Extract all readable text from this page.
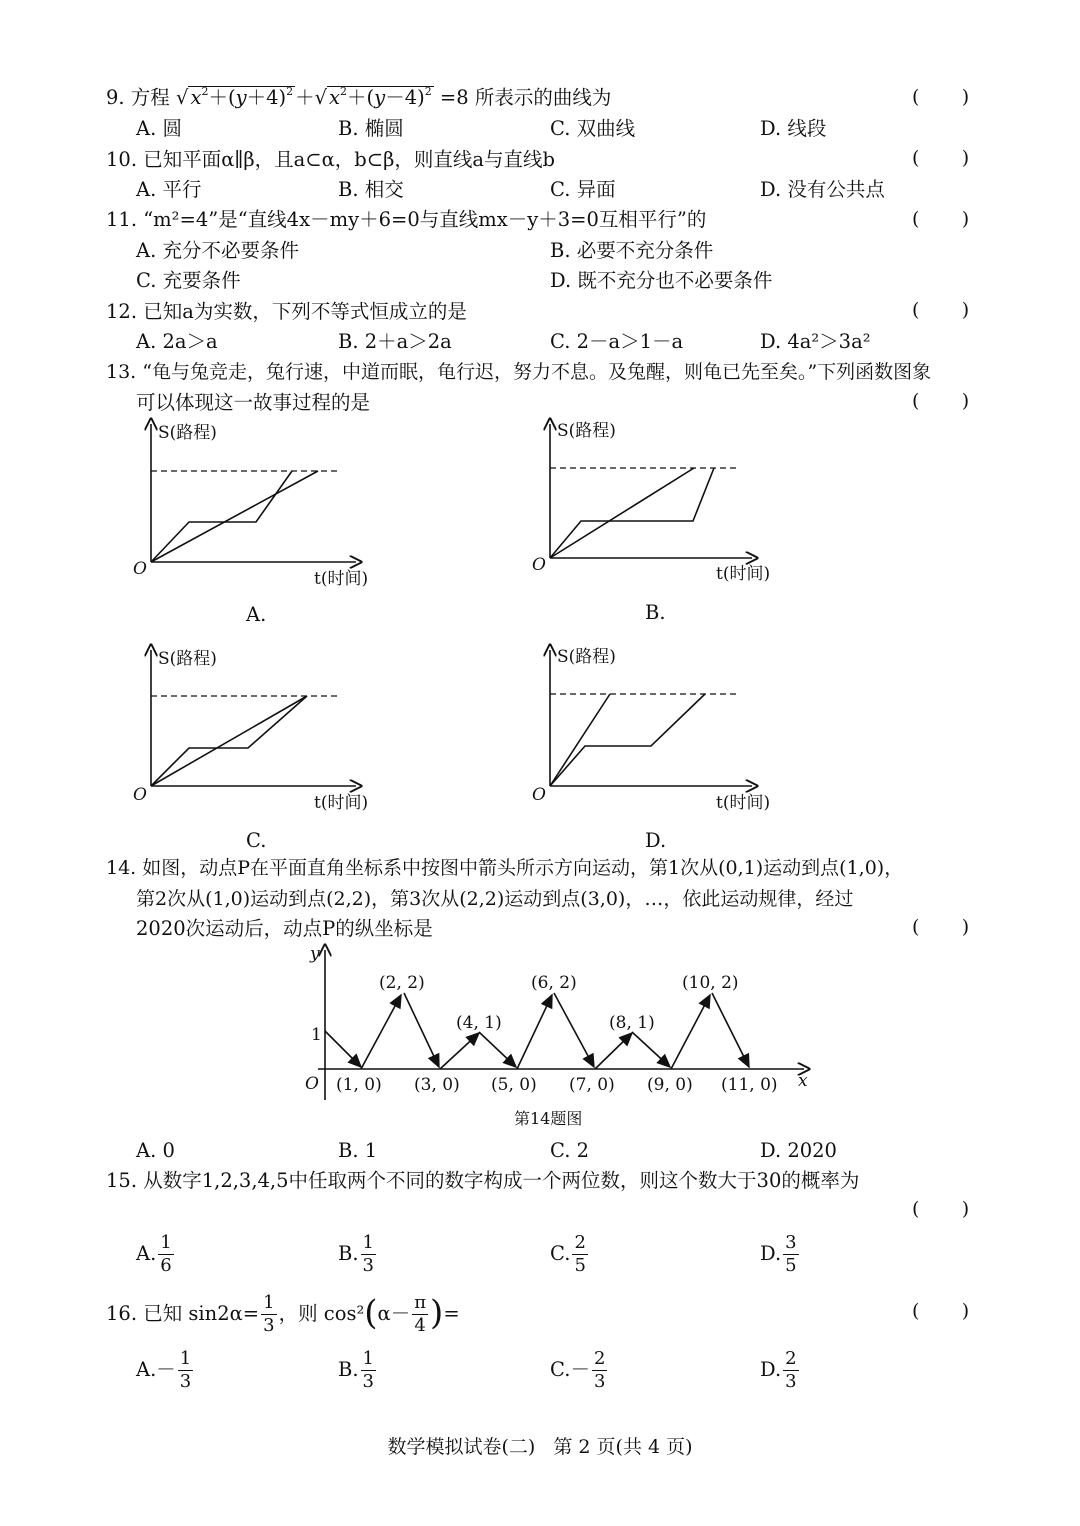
9. 方程 √ $x^2+(y+4)^2$ ＋√ $x^2+(y-4)^2 =8$ 所表示的曲线为	(       )
A. 圆	B. 椭圆	C. 双曲线	D. 线段
10. 已知平面α∥β，且a⊂α，b⊂β，则直线a与直线b	(       )
A. 平行	B. 相交	C. 异面	D. 没有公共点
11. “m²=4”是“直线4x－my＋6=0与直线mx－y＋3=0互相平行”的	(       )
A. 充分不必要条件	B. 必要不充分条件
C. 充要条件	D. 既不充分也不必要条件
12. 已知a为实数，下列不等式恒成立的是	(       )
A. 2a＞a	B. 2＋a＞2a	C. 2－a＞1－a	D. 4a²＞3a²
13. “龟与兔竞走，兔行速，中道而眠，龟行迟，努力不息。及兔醒，则龟已先至矣。”下列函数图象
可以体现这一故事过程的是	(       )
S(路程)
t(时间)
O
A.
S(路程)
t(时间)
O
B.
S(路程)
t(时间)
O
C.
S(路程)
t(时间)
O
D.
14. 如图，动点P在平面直角坐标系中按图中箭头所示方向运动，第1次从(0,1)运动到点(1,0)，
第2次从(1,0)运动到点(2,2)，第3次从(2,2)运动到点(3,0)，…，依此运动规律，经过
2020次运动后，动点P的纵坐标是	(       )
y
x
O
1
(2, 2)
(4, 1)
(6, 2)
(8, 1)
(10, 2)
(1, 0) (3, 0) (5, 0) (7, 0) (9, 0) (11, 0)
第14题图
A. 0	B. 1	C. 2	D. 2020
15. 从数字1,2,3,4,5中任取两个不同的数字构成一个两位数，则这个数大于30的概率为
(       )
A. $\frac{1}{6}$	B. $\frac{1}{3}$	C. $\frac{2}{5}$	D. $\frac{3}{5}$
16. 已知 $\sin 2\alpha= \frac{1}{3}$ ，则 $\cos^2(\alpha- \frac{\pi}{4}$ )=	(       )
$A.- \frac{1}{3}$	B. $\frac{1}{3}$	$C.- \frac{2}{3}$	D. $\frac{2}{3}$
数学模拟试卷(二)   第 2 页(共 4 页)
